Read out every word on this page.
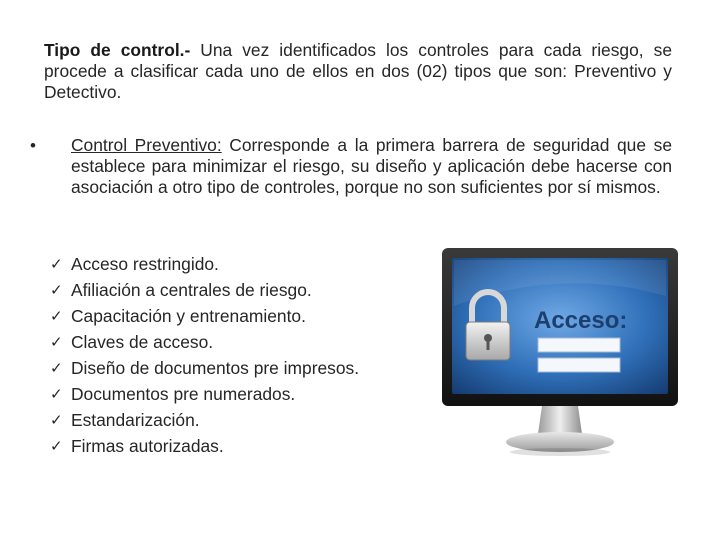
Tipo de control.- Una vez identificados los controles para cada riesgo, se procede a clasificar cada uno de ellos en dos (02) tipos que son: Preventivo y Detectivo.

• Control Preventivo: Corresponde a la primera barrera de seguridad que se establece para minimizar el riesgo, su diseño y aplicación debe hacerse con asociación a otro tipo de controles, porque no son suficientes por sí mismos.
✓ Acceso restringido.
✓ Afiliación a centrales de riesgo.
✓ Capacitación y entrenamiento.
✓ Claves de acceso.
✓ Diseño de documentos pre impresos.
✓ Documentos pre numerados.
✓ Estandarización.
✓ Firmas autorizadas.
Acceso:
